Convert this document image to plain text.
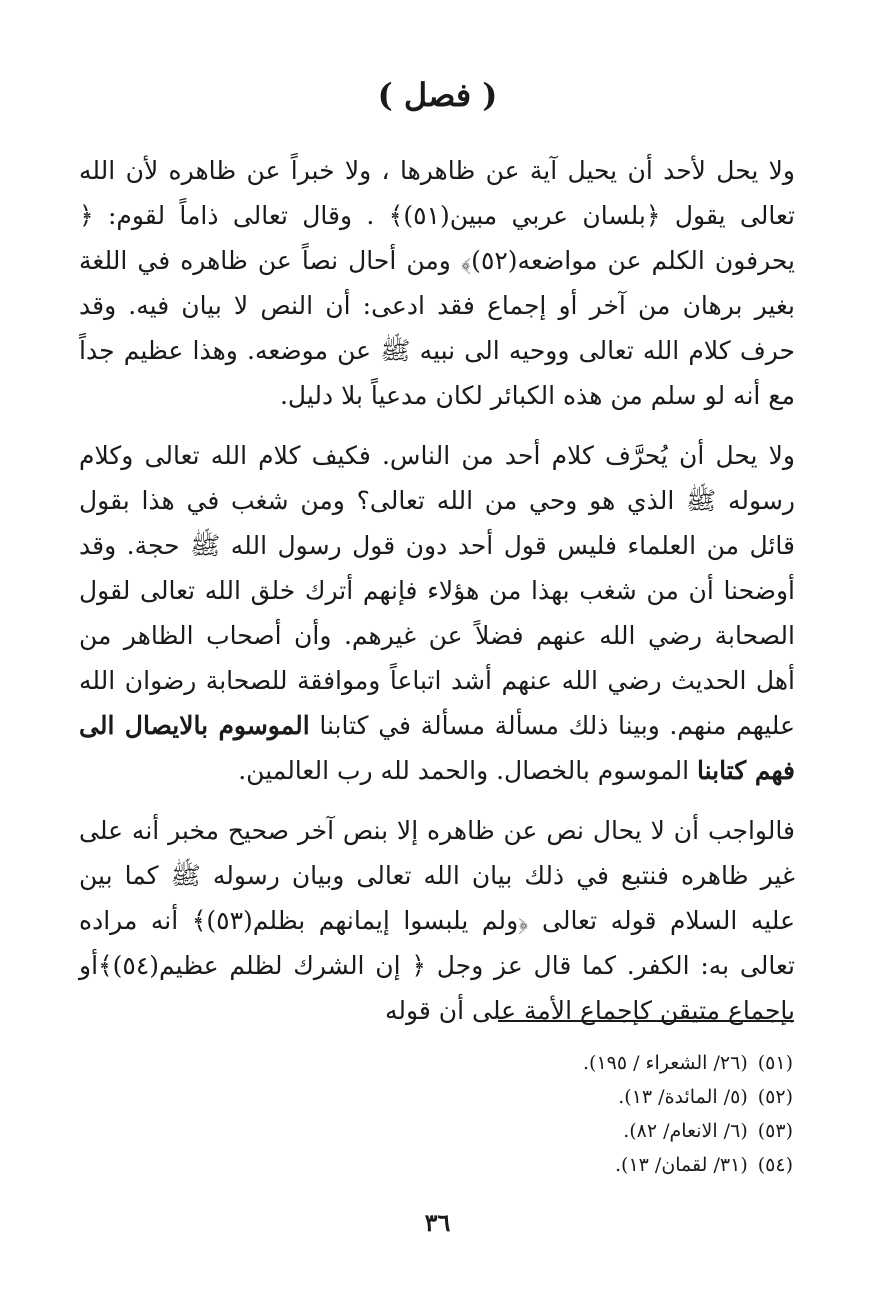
( فصل )

ولا يحل لأحد أن يحيل آية عن ظاهرها ، ولا خبراً عن ظاهره لأن الله تعالى يقول ﴿بلسان عربي مبين(٥١)﴾ . وقال تعالى ذاماً لقوم: ﴿ يحرفون الكلم عن مواضعه(٥٢)﴾ ومن أحال نصاً عن ظاهره في اللغة بغير برهان من آخر أو إجماع فقد ادعى: أن النص لا بيان فيه. وقد حرف كلام الله تعالى ووحيه الى نبيه ﷺ عن موضعه. وهذا عظيم جداً مع أنه لو سلم من هذه الكبائر لكان مدعياً بلا دليل.

ولا يحل أن يُحرَّف كلام أحد من الناس. فكيف كلام الله تعالى وكلام رسوله ﷺ الذي هو وحي من الله تعالى؟ ومن شغب في هذا بقول قائل من العلماء فليس قول أحد دون قول رسول الله ﷺ حجة. وقد أوضحنا أن من شغب بهذا من هؤلاء فإنهم أترك خلق الله تعالى لقول الصحابة رضي الله عنهم فضلاً عن غيرهم. وأن أصحاب الظاهر من أهل الحديث رضي الله عنهم أشد اتباعاً وموافقة للصحابة رضوان الله عليهم منهم. وبينا ذلك مسألة مسألة في كتابنا الموسوم بالايصال الى فهم كتابنا الموسوم بالخصال. والحمد لله رب العالمين.

فالواجب أن لا يحال نص عن ظاهره إلا بنص آخر صحيح مخبر أنه على غير ظاهره فنتبع في ذلك بيان الله تعالى وبيان رسوله ﷺ كما بين عليه السلام قوله تعالى ﴿ولم يلبسوا إيمانهم بظلم(٥٣)﴾ أنه مراده تعالى به: الكفر. كما قال عز وجل ﴿ إن الشرك لظلم عظيم(٥٤)﴾أو بإجماع متيقن كإجماع الأمة على أن قوله

(٥١)
(٢٦/ الشعراء / ١٩٥).
(٥٢)
(٥/ المائدة/ ١٣).
(٥٣)
(٦/ الانعام/ ٨٢).
(٥٤)
(٣١/ لقمان/ ١٣).
٣٦
